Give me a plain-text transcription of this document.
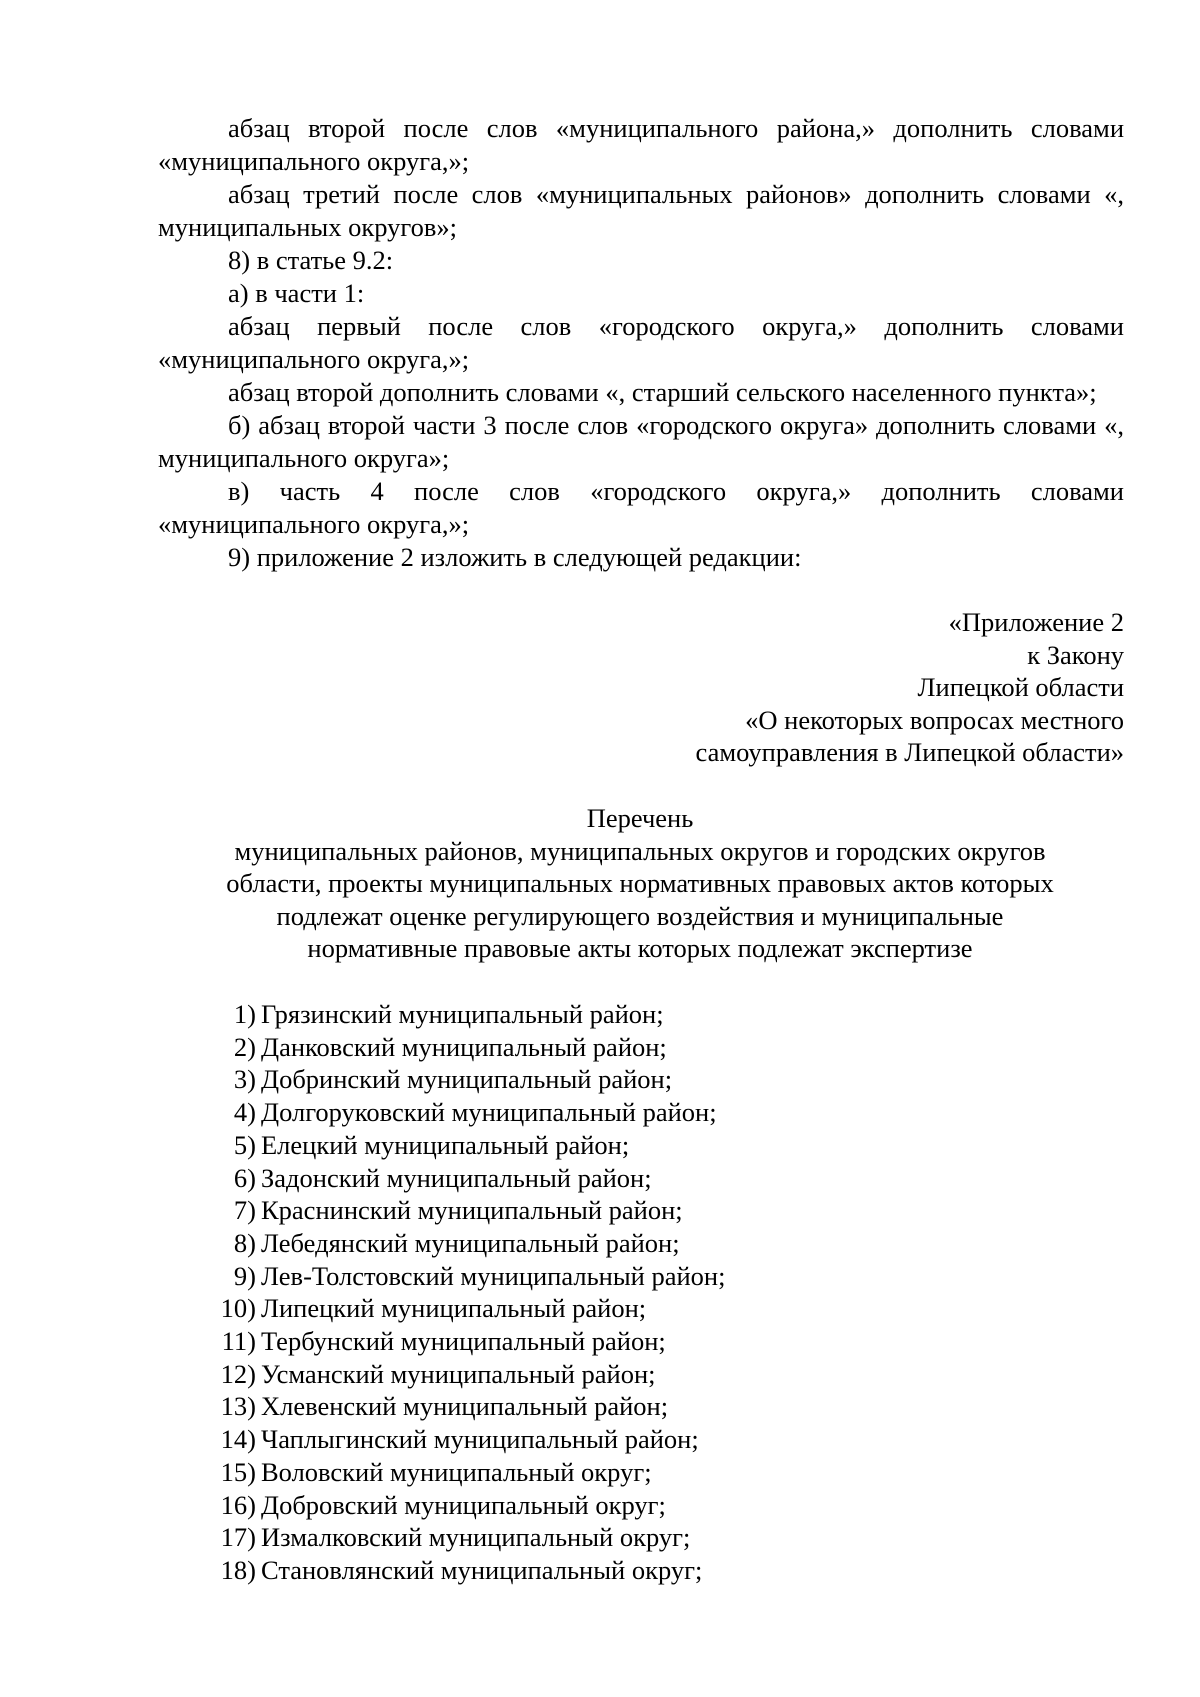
абзац второй после слов «муниципального района,» дополнить словами «муниципального округа,»;

абзац третий после слов «муниципальных районов» дополнить словами «, муниципальных округов»;

8) в статье 9.2:

а) в части 1:

абзац первый после слов «городского округа,» дополнить словами «муниципального округа,»;

абзац второй дополнить словами «, старший сельского населенного пункта»;

б) абзац второй части 3 после слов «городского округа» дополнить словами «, муниципального округа»;

в) часть 4 после слов «городского округа,» дополнить словами «муниципального округа,»;

9) приложение 2 изложить в следующей редакции:

«Приложение 2
к Закону
Липецкой области
«О некоторых вопросах местного
самоуправления в Липецкой области»
Перечень
муниципальных районов, муниципальных округов и городских округов
области, проекты муниципальных нормативных правовых актов которых
подлежат оценке регулирующего воздействия и муниципальные
нормативные правовые акты которых подлежат экспертизе
1) Грязинский муниципальный район;
2) Данковский муниципальный район;
3) Добринский муниципальный район;
4) Долгоруковский муниципальный район;
5) Елецкий муниципальный район;
6) Задонский муниципальный район;
7) Краснинский муниципальный район;
8) Лебедянский муниципальный район;
9) Лев-Толстовский муниципальный район;
10) Липецкий муниципальный район;
11) Тербунский муниципальный район;
12) Усманский муниципальный район;
13) Хлевенский муниципальный район;
14) Чаплыгинский муниципальный район;
15) Воловский муниципальный округ;
16) Добровский муниципальный округ;
17) Измалковский муниципальный округ;
18) Становлянский муниципальный округ;
